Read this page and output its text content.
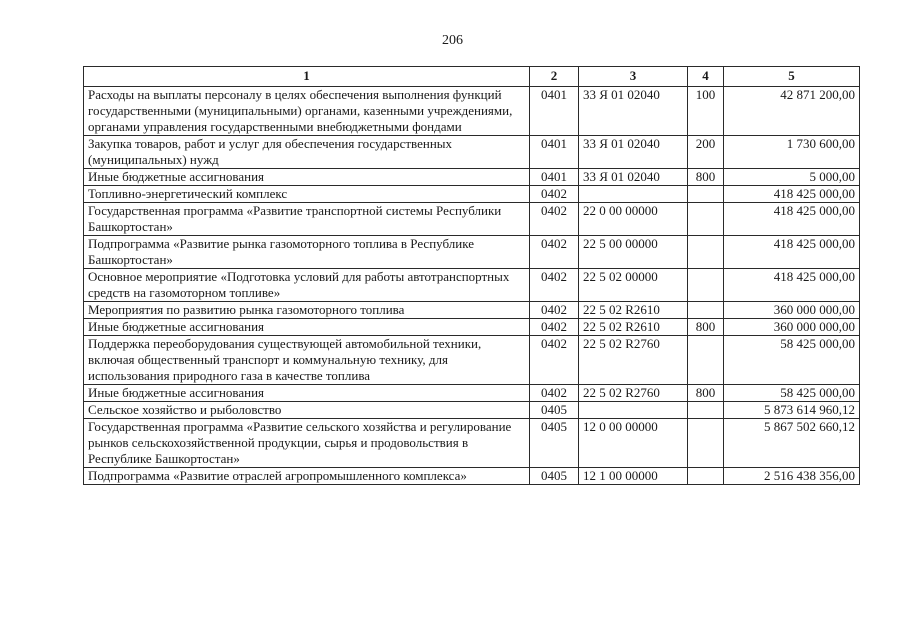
206
1	2	3	4	5
Расходы на выплаты персоналу в целях обеспечения выполнения функций государственными (муниципальными) органами, казенными учреждениями, органами управления государственными внебюджетными фондами	0401	33 Я 01 02040	100	42 871 200,00
Закупка товаров, работ и услуг для обеспечения государственных (муниципальных) нужд	0401	33 Я 01 02040	200	1 730 600,00
Иные бюджетные ассигнования	0401	33 Я 01 02040	800	5 000,00
Топливно-энергетический комплекс	0402			418 425 000,00
Государственная программа «Развитие транспортной системы Республики Башкортостан»	0402	22 0 00 00000		418 425 000,00
Подпрограмма «Развитие рынка газомоторного топлива в Республике Башкортостан»	0402	22 5 00 00000		418 425 000,00
Основное мероприятие «Подготовка условий для работы автотранспортных средств на газомоторном топливе»	0402	22 5 02 00000		418 425 000,00
Мероприятия по развитию рынка газомоторного топлива	0402	22 5 02 R2610		360 000 000,00
Иные бюджетные ассигнования	0402	22 5 02 R2610	800	360 000 000,00
Поддержка переоборудования существующей автомобильной техники, включая общественный транспорт и коммунальную технику, для использования природного газа в качестве топлива	0402	22 5 02 R2760		58 425 000,00
Иные бюджетные ассигнования	0402	22 5 02 R2760	800	58 425 000,00
Сельское хозяйство и рыболовство	0405			5 873 614 960,12
Государственная программа «Развитие сельского хозяйства и регулирование рынков сельскохозяйственной продукции, сырья и продовольствия в Республике Башкортостан»	0405	12 0 00 00000		5 867 502 660,12
Подпрограмма «Развитие отраслей агропромышленного комплекса»	0405	12 1 00 00000		2 516 438 356,00
